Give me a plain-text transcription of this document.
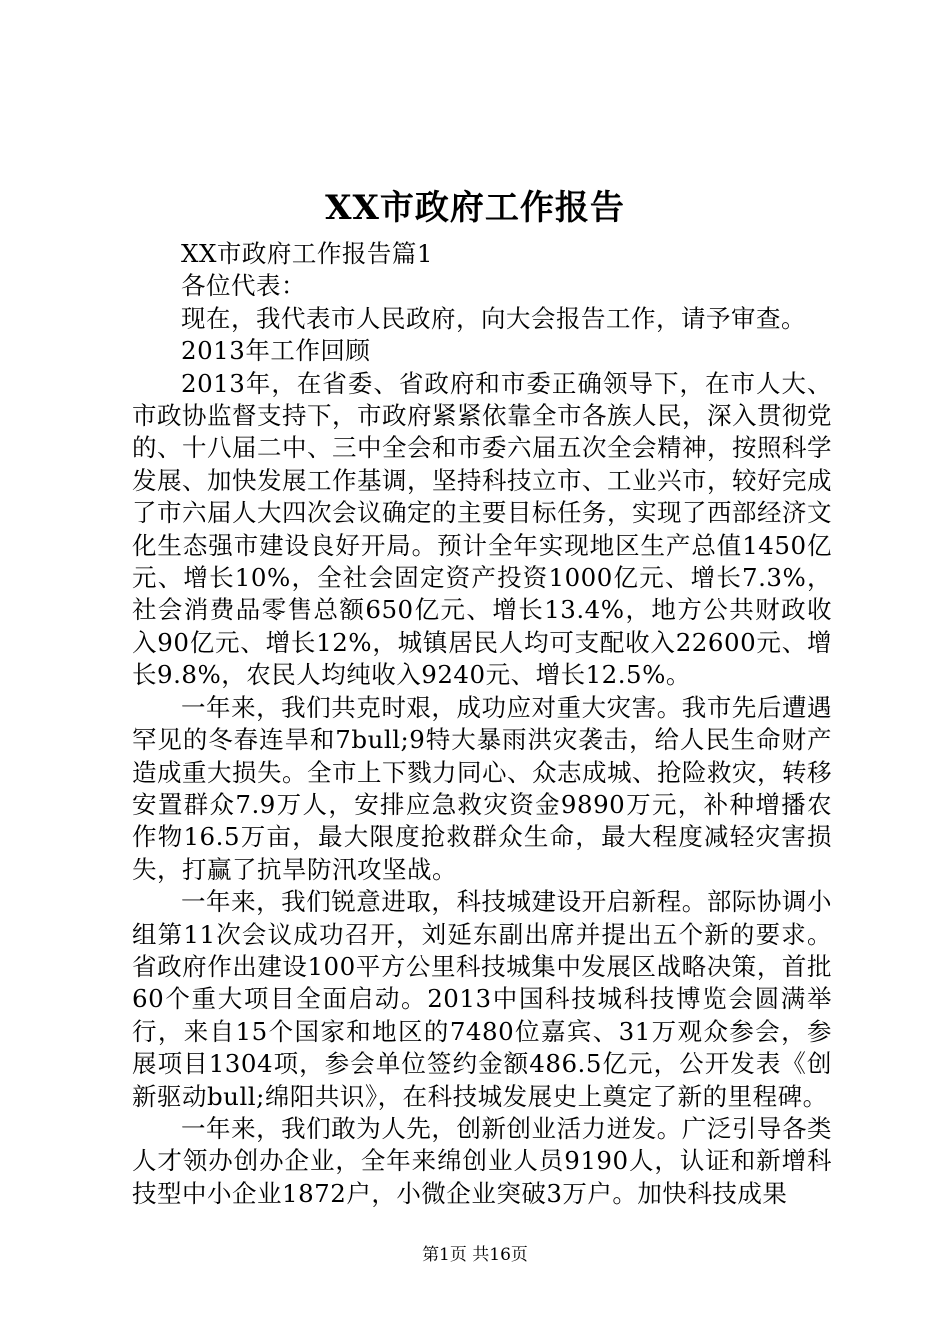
XX市政府工作报告

XX市政府工作报告篇1

各位代表：

现在，我代表市人民政府，向大会报告工作，请予审查。

2013年工作回顾

2013年，在省委、省政府和市委正确领导下，在市人大、市政协监督支持下，市政府紧紧依靠全市各族人民，深入贯彻党的、十八届二中、三中全会和市委六届五次全会精神，按照科学发展、加快发展工作基调，坚持科技立市、工业兴市，较好完成了市六届人大四次会议确定的主要目标任务，实现了西部经济文化生态强市建设良好开局。预计全年实现地区生产总值1450亿元、增长10%，全社会固定资产投资1000亿元、增长7.3%，社会消费品零售总额650亿元、增长13.4%，地方公共财政收入90亿元、增长12%，城镇居民人均可支配收入22600元、增长9.8%，农民人均纯收入9240元、增长12.5%。

一年来，我们共克时艰，成功应对重大灾害。我市先后遭遇罕见的冬春连旱和7bull;9特大暴雨洪灾袭击，给人民生命财产造成重大损失。全市上下戮力同心、众志成城、抢险救灾，转移安置群众7.9万人，安排应急救灾资金9890万元，补种增播农作物16.5万亩，最大限度抢救群众生命，最大程度减轻灾害损失，打赢了抗旱防汛攻坚战。

一年来，我们锐意进取，科技城建设开启新程。部际协调小组第11次会议成功召开，刘延东副出席并提出五个新的要求。省政府作出建设100平方公里科技城集中发展区战略决策，首批60个重大项目全面启动。2013中国科技城科技博览会圆满举行，来自15个国家和地区的7480位嘉宾、31万观众参会，参展项目1304项，参会单位签约金额486.5亿元，公开发表《创新驱动bull;绵阳共识》，在科技城发展史上奠定了新的里程碑。

一年来，我们敢为人先，创新创业活力迸发。广泛引导各类人才领办创办企业，全年来绵创业人员9190人，认证和新增科技型中小企业1872户，小微企业突破3万户。加快科技成果

第1页 共16页
